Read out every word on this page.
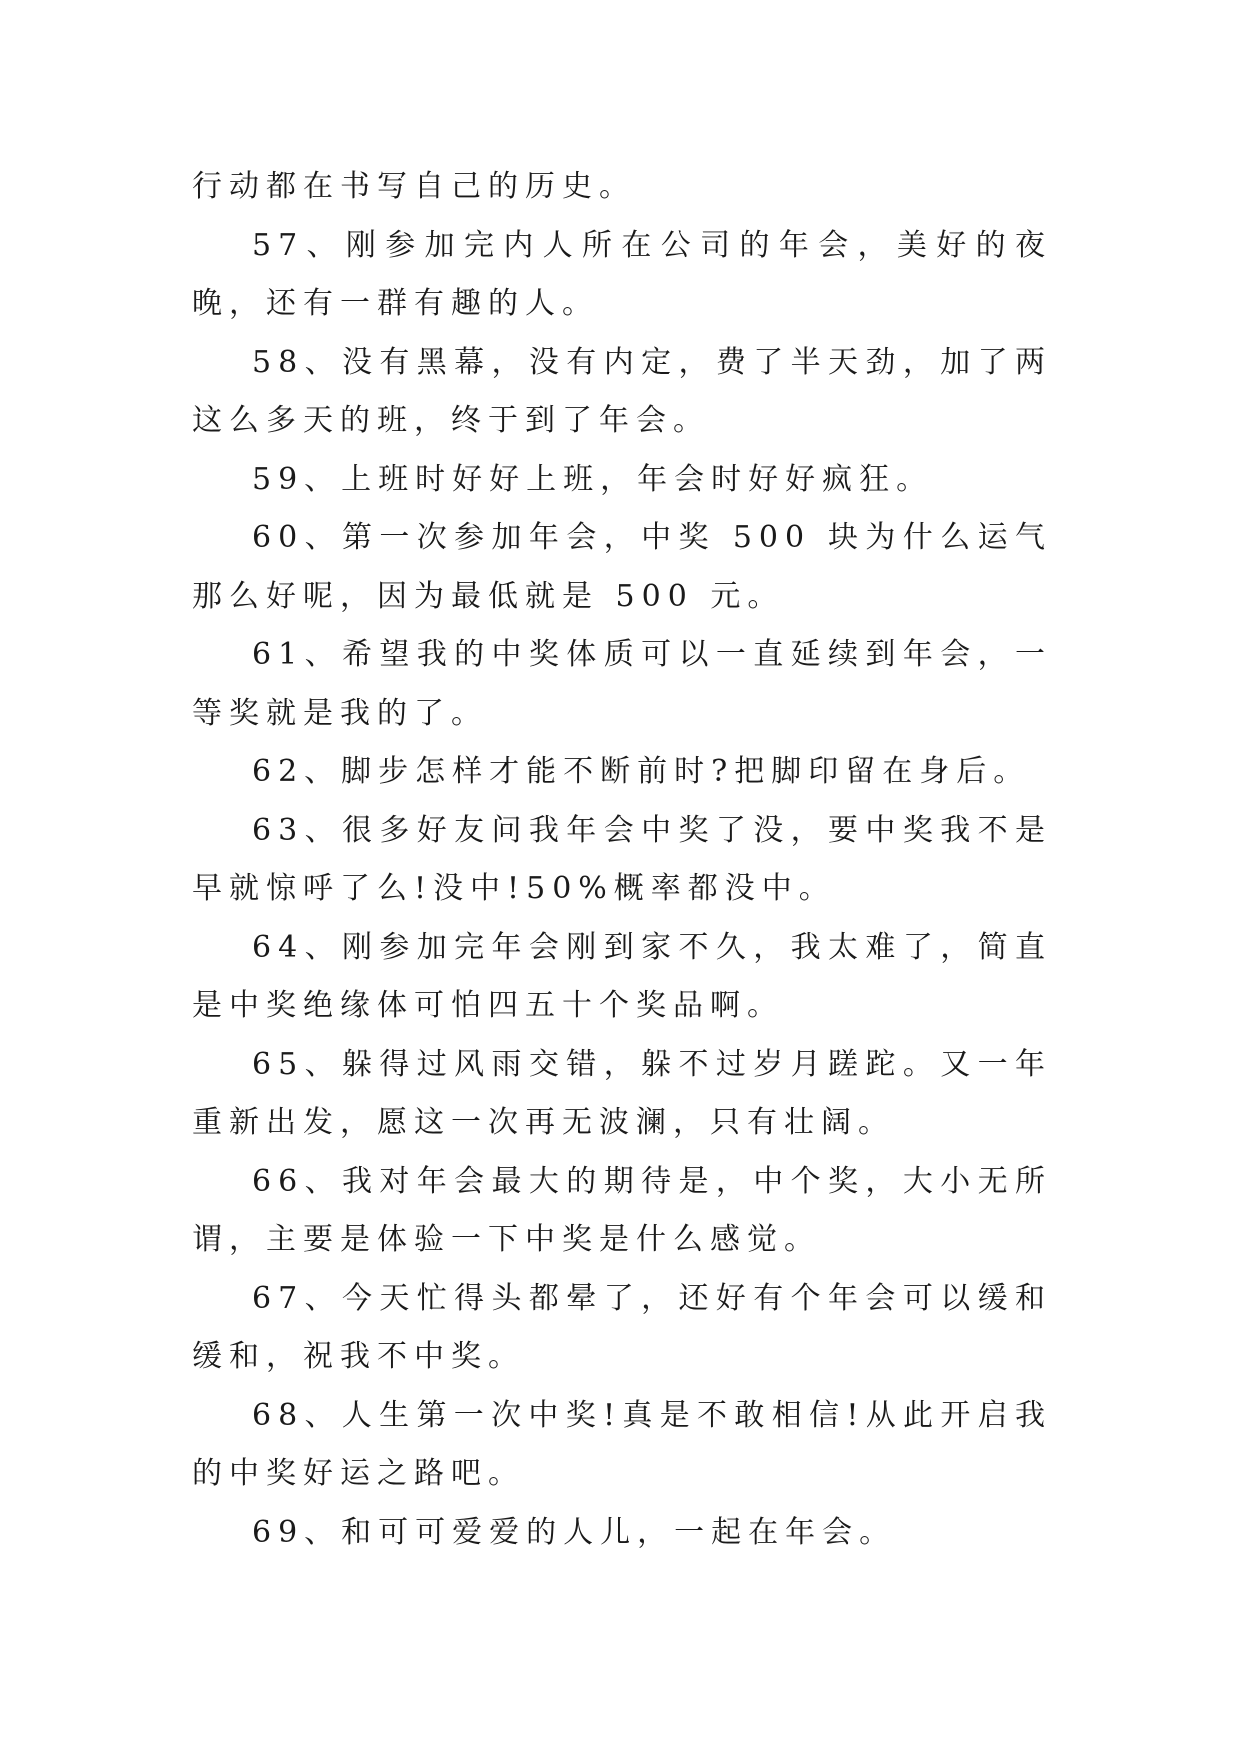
行动都在书写自己的历史。

57、刚参加完内人所在公司的年会，美好的夜晚，还有一群有趣的人。

58、没有黑幕，没有内定，费了半天劲，加了两这么多天的班，终于到了年会。

59、上班时好好上班，年会时好好疯狂。

60、第一次参加年会，中奖 500 块为什么运气那么好呢，因为最低就是 500 元。

61、希望我的中奖体质可以一直延续到年会，一等奖就是我的了。

62、脚步怎样才能不断前时?把脚印留在身后。

63、很多好友问我年会中奖了没，要中奖我不是早就惊呼了么!没中!50%概率都没中。

64、刚参加完年会刚到家不久，我太难了，简直是中奖绝缘体可怕四五十个奖品啊。

65、躲得过风雨交错，躲不过岁月蹉跎。又一年重新出发，愿这一次再无波澜，只有壮阔。

66、我对年会最大的期待是，中个奖，大小无所谓，主要是体验一下中奖是什么感觉。

67、今天忙得头都晕了，还好有个年会可以缓和缓和，祝我不中奖。

68、人生第一次中奖!真是不敢相信!从此开启我的中奖好运之路吧。

69、和可可爱爱的人儿，一起在年会。
